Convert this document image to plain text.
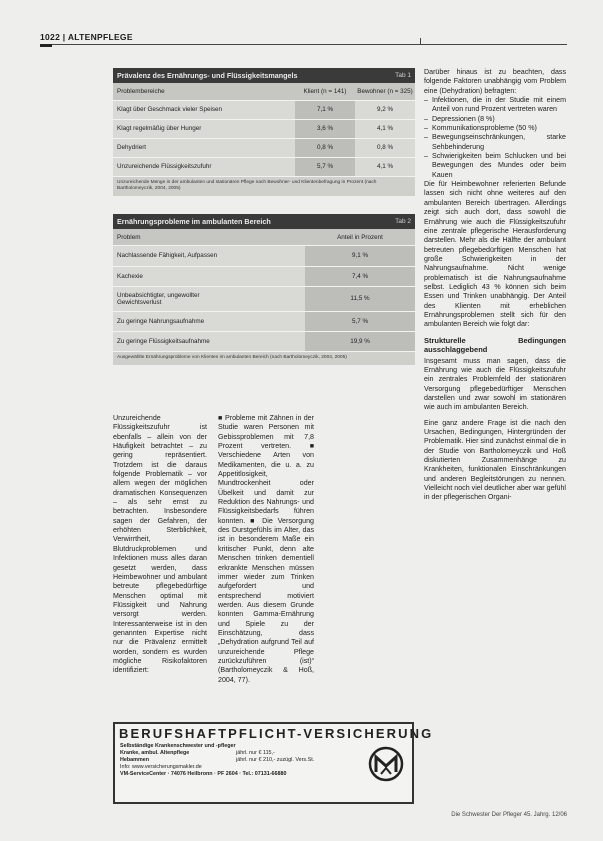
1022 | ALTENPFLEGE
Prävalenz des Ernährungs- und Flüssigkeitsmangels	Tab 1
Problembereiche	Klient (n = 141)	Bewohner (n = 325)
Klagt über Geschmack vieler Speisen	7,1 %	9,2 %
Klagt regelmäßig über Hunger	3,6 %	4,1 %
Dehydriert	0,8 %	0,8 %
Unzureichende Flüssigkeitszufuhr	5,7 %	4,1 %
Unzureichende Menge in der ambulanten und stationären Pflege nach Bewohner- und Klientenbefragung in Prozent (nach Bartholomeyczik, 2004, 2005)
Ernährungsprobleme im ambulanten Bereich	Tab 2
Problem	Anteil in Prozent
Nachlassende Fähigkeit, Aufpassen	9,1 %
Kachexie	7,4 %
Unbeabsichtigter, ungewollter Gewichtsverlust
11,5 %
Zu geringe Nahrungsaufnahme	5,7 %
Zu geringe Flüssigkeitsaufnahme	19,9 %
Ausgewählte Ernährungsprobleme von Klienten im ambulanten Bereich (nach Bartholomeyczik, 2004, 2005)

Unzureichende Flüssigkeitszufuhr ist ebenfalls – allein von der Häufigkeit betrachtet – zu gering repräsentiert. Trotzdem ist die daraus folgende Problematik – vor allem wegen der möglichen dramatischen Konsequenzen – als sehr ernst zu betrachten. Insbesondere sagen der Gefahren, der erhöhten Sterblichkeit, Verwirrtheit, Blutdruckproblemen und Infektionen muss alles daran gesetzt werden, dass Heimbewohner und ambulant betreute pflegebedürftige Menschen optimal mit Flüssigkeit und Nahrung versorgt werden. Interessanterweise ist in den genannten Expertise nicht nur die Prävalenz ermittelt worden, sondern es wurden mögliche Risikofaktoren identifiziert:

■ Probleme mit Zähnen in der Studie waren Personen mit Gebissproblemen mit 7,8 Prozent vertreten. ■ Verschiedene Arten von Medikamenten, die u. a. zu Appetitlosigkeit, Mundtrockenheit oder Übelkeit und damit zur Reduktion des Nahrungs- und Flüssigkeitsbedarfs führen konnten. ■ Die Versorgung des Durstgefühls im Alter, das ist in besonderem Maße ein kritischer Punkt, denn alte Menschen trinken dementiell erkrankte Menschen müssen immer wieder zum Trinken aufgefordert und entsprechend motiviert werden. Aus diesem Grunde konnten Gamma-Ernährung und Spiele zu der Einschätzung, dass „Dehydration aufgrund Teil auf unzureichende Pflege zurückzuführen (ist)“ (Bartholomeyczik & Hoß, 2004, 77).

Darüber hinaus ist zu beachten, dass folgende Faktoren unabhängig vom Problem eine (Dehydration) befragten:

– Infektionen, die in der Studie mit einem Anteil von rund Prozent vertreten waren
– Depressionen (8 %)
– Kommunikationsprobleme (50 %)
– Bewegungseinschränkungen, starke Sehbehinderung
– Schwierigkeiten beim Schlucken und bei Bewegungen des Mundes oder beim Kauen

Die für Heimbewohner referierten Befunde lassen sich nicht ohne weiteres auf den ambulanten Bereich übertragen. Allerdings zeigt sich auch dort, dass sowohl die Ernährung wie auch die Flüssigkeitszufuhr eine zentrale pflegerische Herausforderung darstellen. Mehr als die Hälfte der ambulant betreuten pflegebedürftigen Menschen hat große Schwierigkeiten in der Nahrungsaufnahme. Nicht wenige problematisch ist die Nahrungsaufnahme selbst. Lediglich 43 % können sich beim Essen und Trinken unabhängig. Der Anteil des Klienten mit erheblichen Ernährungsproblemen stellt sich für den ambulanten Bereich wie folgt dar:

Strukturelle Bedingungen ausschlaggebend

Insgesamt muss man sagen, dass die Ernährung wie auch die Flüssigkeitszufuhr ein zentrales Problemfeld der stationären Versorgung pflegebedürftiger Menschen darstellen und zwar sowohl im stationären wie auch im ambulanten Bereich.

Eine ganz andere Frage ist die nach den Ursachen, Bedingungen, Hintergründen der Problematik. Hier sind zunächst einmal die in der Studie von Bartholomeyczik und Hoß diskutierten Zusammenhänge zu Krankheiten, funktionalen Einschränkungen und anderen Begleitstörungen zu nennen. Vielleicht noch viel deutlicher aber war gefühl in der pflegerischen Organi-

BERUFSHAFTPFLICHT-VERSICHERUNG
Selbständige Krankenschwester und -pfleger
Kranke, ambul. Altenpflege	jährl. nur € 115,-
Hebammen	jährl. nur € 210,- zuzügl. Vers.St.
Info: www.versicherungsmakler.de
VM-ServiceCenter · 74076 Heilbronn · PF 2604 · Tel.: 07131-66880
Die Schwester Der Pfleger 45. Jahrg. 12/06
